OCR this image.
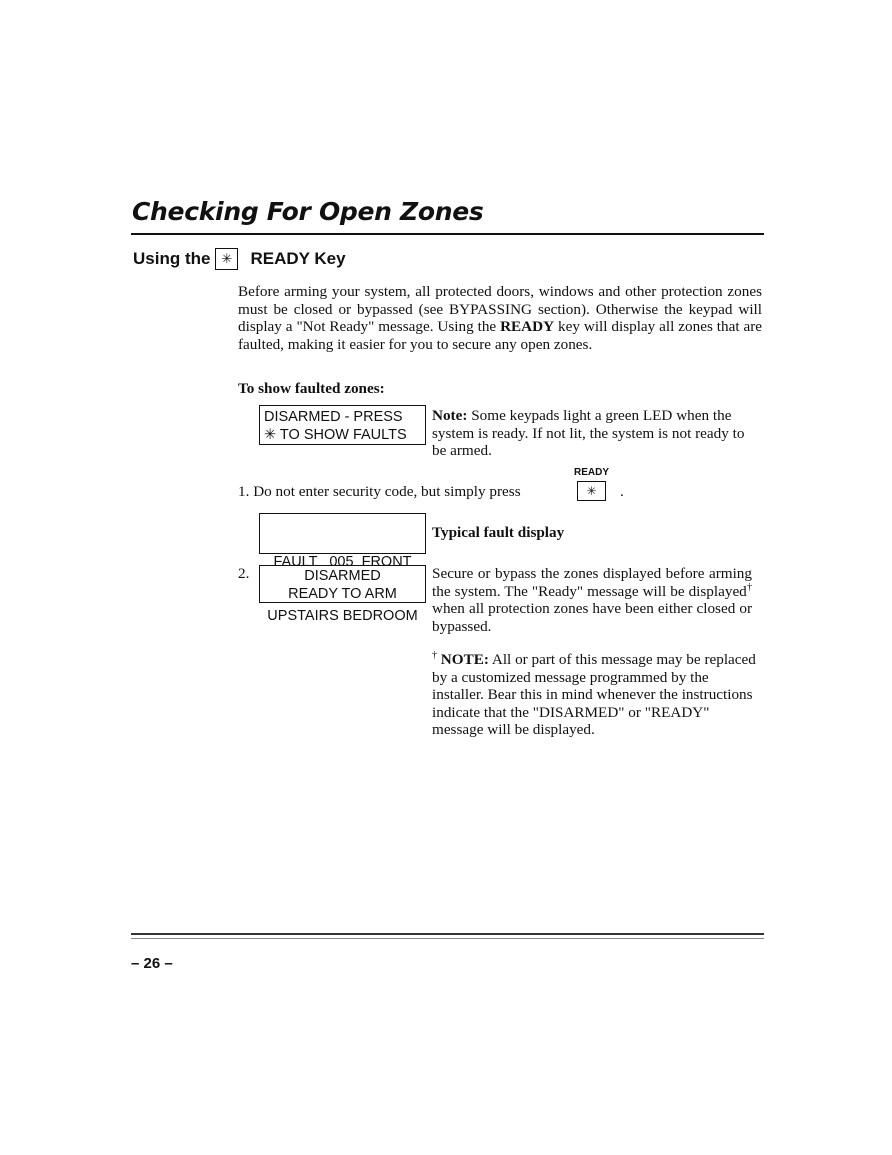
Checking For Open Zones
Using the ✳	READY Key
Before arming your system, all protected doors, windows and other protection zones must be closed or bypassed (see BYPASSING section). Otherwise the keypad will display a "Not Ready" message. Using the READY key will display all zones that are faulted, making it easier for you to secure any open zones.
To show faulted zones:
DISARMED - PRESS
✳ TO SHOW FAULTS
Note: Some keypads light a green LED when the system is ready. If not lit, the system is not ready to be armed.
READY
1. Do not enter security code, but simply press	✳	.

FAULT   005  FRONT

UPSTAIRS BEDROOM

Typical fault display
2.	DISARMED
READY TO ARM
Secure or bypass the zones displayed before arming the system. The "Ready" message will be displayed† when all protection zones have been either closed or bypassed.
† NOTE: All or part of this message may be replaced by a customized message programmed by the installer. Bear this in mind whenever the instructions indicate that the "DISARMED" or "READY" message will be displayed.
– 26 –
